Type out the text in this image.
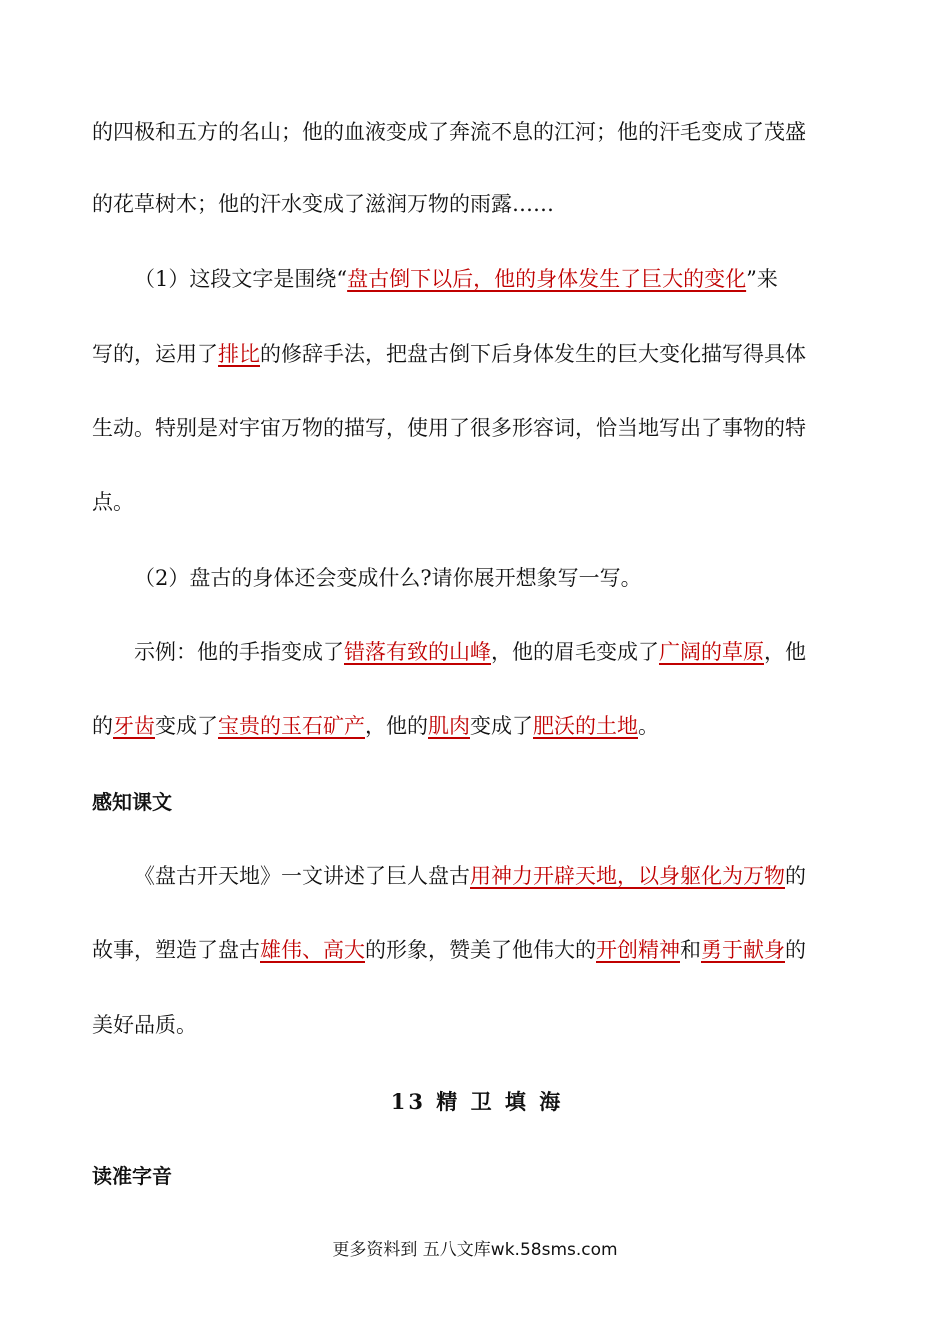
的四极和五方的名山；他的血液变成了奔流不息的江河；他的汗毛变成了茂盛
的花草树木；他的汗水变成了滋润万物的雨露……
（1）这段文字是围绕“盘古倒下以后，他的身体发生了巨大的变化”来
写的，运用了排比的修辞手法，把盘古倒下后身体发生的巨大变化描写得具体
生动。特别是对宇宙万物的描写，使用了很多形容词，恰当地写出了事物的特
点。
（2）盘古的身体还会变成什么?请你展开想象写一写。
示例：他的手指变成了错落有致的山峰，他的眉毛变成了广阔的草原，他
的牙齿变成了宝贵的玉石矿产，他的肌肉变成了肥沃的土地。
感知课文
《盘古开天地》一文讲述了巨人盘古用神力开辟天地，以身躯化为万物的
故事，塑造了盘古雄伟、高大的形象，赞美了他伟大的开创精神和勇于献身的
美好品质。
13 精 卫 填 海
读准字音
更多资料到 五八文库wk.58sms.com
